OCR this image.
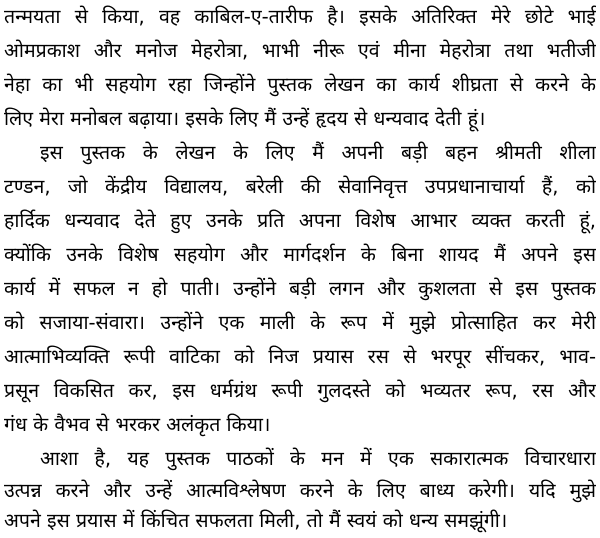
तन्मयता से किया, वह काबिल-ए-तारीफ है। इसके अतिरिक्त मेरे छोटे भाई
ओमप्रकाश और मनोज मेहरोत्रा, भाभी नीरू एवं मीना मेहरोत्रा तथा भतीजी
नेहा का भी सहयोग रहा जिन्होंने पुस्तक लेखन का कार्य शीघ्रता से करने के
लिए मेरा मनोबल बढ़ाया। इसके लिए मैं उन्हें हृदय से धन्यवाद देती हूं।
इस पुस्तक के लेखन के लिए मैं अपनी बड़ी बहन श्रीमती शीला
टण्डन, जो केंद्रीय विद्यालय, बरेली की सेवानिवृत्त उपप्रधानाचार्या हैं, को
हार्दिक धन्यवाद देते हुए उनके प्रति अपना विशेष आभार व्यक्त करती हूं,
क्योंकि उनके विशेष सहयोग और मार्गदर्शन के बिना शायद मैं अपने इस
कार्य में सफल न हो पाती। उन्होंने बड़ी लगन और कुशलता से इस पुस्तक
को सजाया-संवारा। उन्होंने एक माली के रूप में मुझे प्रोत्साहित कर मेरी
आत्माभिव्यक्ति रूपी वाटिका को निज प्रयास रस से भरपूर सींचकर, भाव-
प्रसून विकसित कर, इस धर्मग्रंथ रूपी गुलदस्ते को भव्यतर रूप, रस और
गंध के वैभव से भरकर अलंकृत किया।
आशा है, यह पुस्तक पाठकों के मन में एक सकारात्मक विचारधारा
उत्पन्न करने और उन्हें आत्मविश्लेषण करने के लिए बाध्य करेगी। यदि मुझे
अपने इस प्रयास में किंचित सफलता मिली, तो मैं स्वयं को धन्य समझूंगी।
